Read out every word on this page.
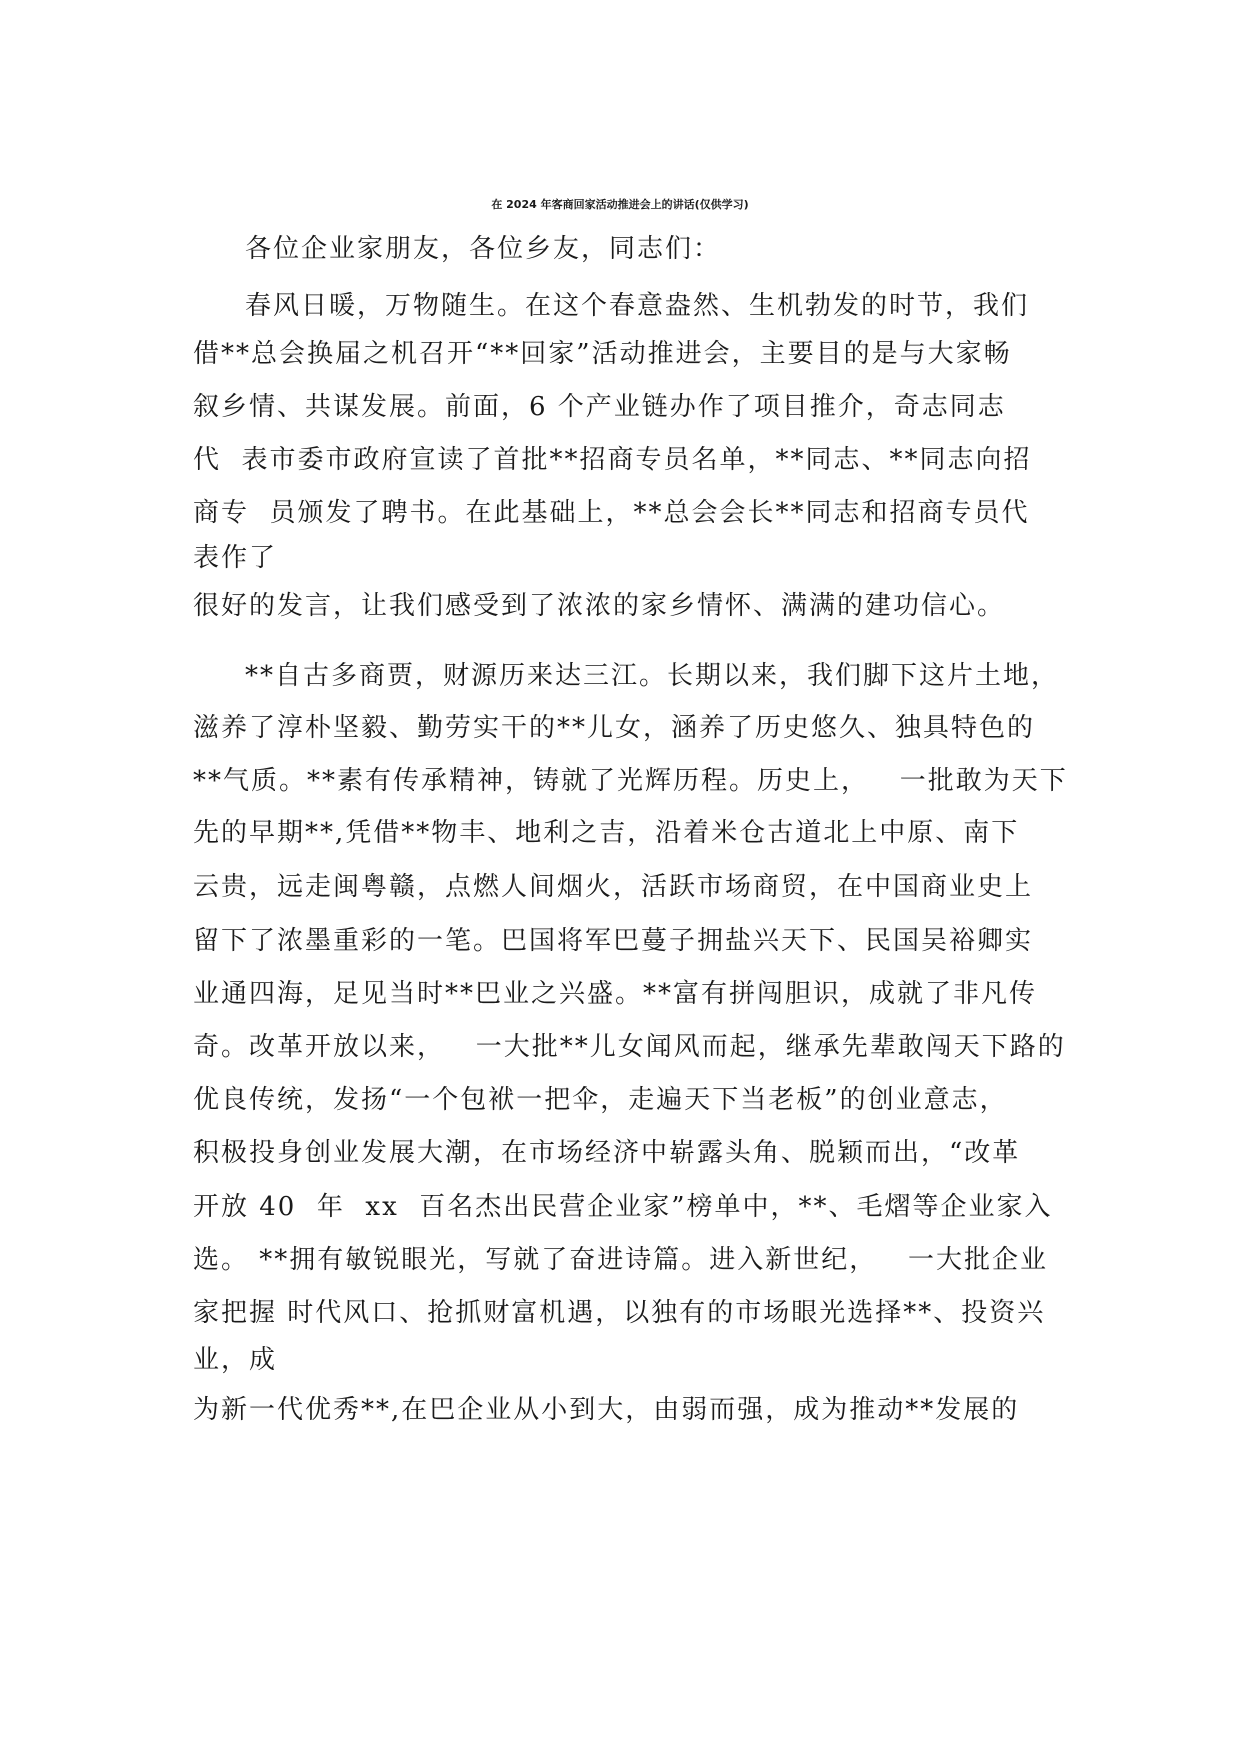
在 2024 年客商回家活动推进会上的讲话(仅供学习)
各位企业家朋友，各位乡友，同志们：
春风日暖，万物随生。在这个春意盎然、生机勃发的时节，我们
借**总会换届之机召开“**回家”活动推进会，主要目的是与大家畅
叙乡情、共谋发展。前面，6 个产业链办作了项目推介，奇志同志
代  表市委市政府宣读了首批**招商专员名单，**同志、**同志向招
商专  员颁发了聘书。在此基础上，**总会会长**同志和招商专员代
表作了
很好的发言，让我们感受到了浓浓的家乡情怀、满满的建功信心。
**自古多商贾，财源历来达三江。长期以来，我们脚下这片土地，
滋养了淳朴坚毅、勤劳实干的**儿女，涵养了历史悠久、独具特色的
**气质。**素有传承精神，铸就了光辉历程。历史上，   一批敢为天下
先的早期**,凭借**物丰、地利之吉，沿着米仓古道北上中原、南下
云贵，远走闽粤赣，点燃人间烟火，活跃市场商贸，在中国商业史上
留下了浓墨重彩的一笔。巴国将军巴蔓子拥盐兴天下、民国吴裕卿实
业通四海，足见当时**巴业之兴盛。**富有拼闯胆识，成就了非凡传
奇。改革开放以来，   一大批**儿女闻风而起，继承先辈敢闯天下路的
优良传统，发扬“一个包袱一把伞，走遍天下当老板”的创业意志，
积极投身创业发展大潮，在市场经济中崭露头角、脱颖而出，“改革
开放 40  年  xx  百名杰出民营企业家”榜单中，**、毛熠等企业家入
选。 **拥有敏锐眼光，写就了奋进诗篇。进入新世纪，   一大批企业
家把握 时代风口、抢抓财富机遇，以独有的市场眼光选择**、投资兴
业，成
为新一代优秀**,在巴企业从小到大，由弱而强，成为推动**发展的
